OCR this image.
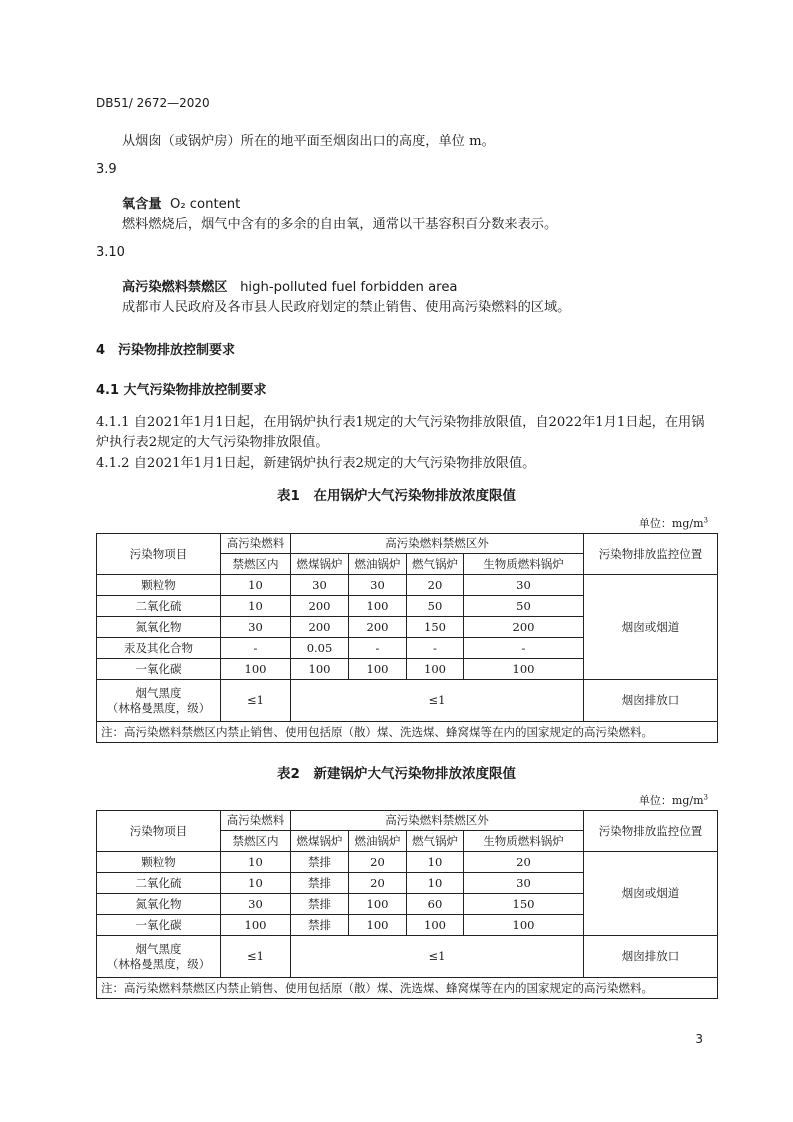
DB51/ 2672—2020
从烟囱（或锅炉房）所在的地平面至烟囱出口的高度，单位 m。
3.9
氧含量 O₂ content
燃料燃烧后，烟气中含有的多余的自由氧，通常以干基容积百分数来表示。
3.10
高污染燃料禁燃区 high-polluted fuel forbidden area
成都市人民政府及各市县人民政府划定的禁止销售、使用高污染燃料的区域。
4　污染物排放控制要求
4.1 大气污染物排放控制要求
4.1.1 自2021年1月1日起，在用锅炉执行表1规定的大气污染物排放限值，自2022年1月1日起，在用锅
炉执行表2规定的大气污染物排放限值。
4.1.2 自2021年1月1日起，新建锅炉执行表2规定的大气污染物排放限值。
表1　在用锅炉大气污染物排放浓度限值
单位：$mg/m^3$
污染物项目	高污染燃料	高污染燃料禁燃区外				污染物排放监控位置
	禁燃区内	燃煤锅炉	燃油锅炉	燃气锅炉	生物质燃料锅炉	
颗粒物	10	30	30	20	30	烟囱或烟道
二氧化硫	10	200	100	50	50	
氮氧化物	30	200	200	150	200	
汞及其化合物	-	0.05	-	-	-	
一氧化碳	100	100	100	100	100	

烟气黑度
（林格曼黑度，级）	≤1	≤1				烟囱排放口
注：高污染燃料禁燃区内禁止销售、使用包括原（散）煤、洗选煤、蜂窝煤等在内的国家规定的高污染燃料。						
表2　新建锅炉大气污染物排放浓度限值
单位：$mg/m^3$
污染物项目	高污染燃料	高污染燃料禁燃区外				污染物排放监控位置
	禁燃区内	燃煤锅炉	燃油锅炉	燃气锅炉	生物质燃料锅炉	
颗粒物	10	禁排	20	10	20	烟囱或烟道
二氧化硫	10	禁排	20	10	30	
氮氧化物	30	禁排	100	60	150	
一氧化碳	100	禁排	100	100	100	

烟气黑度
（林格曼黑度，级）	≤1	≤1				烟囱排放口
注：高污染燃料禁燃区内禁止销售、使用包括原（散）煤、洗选煤、蜂窝煤等在内的国家规定的高污染燃料。						
3
